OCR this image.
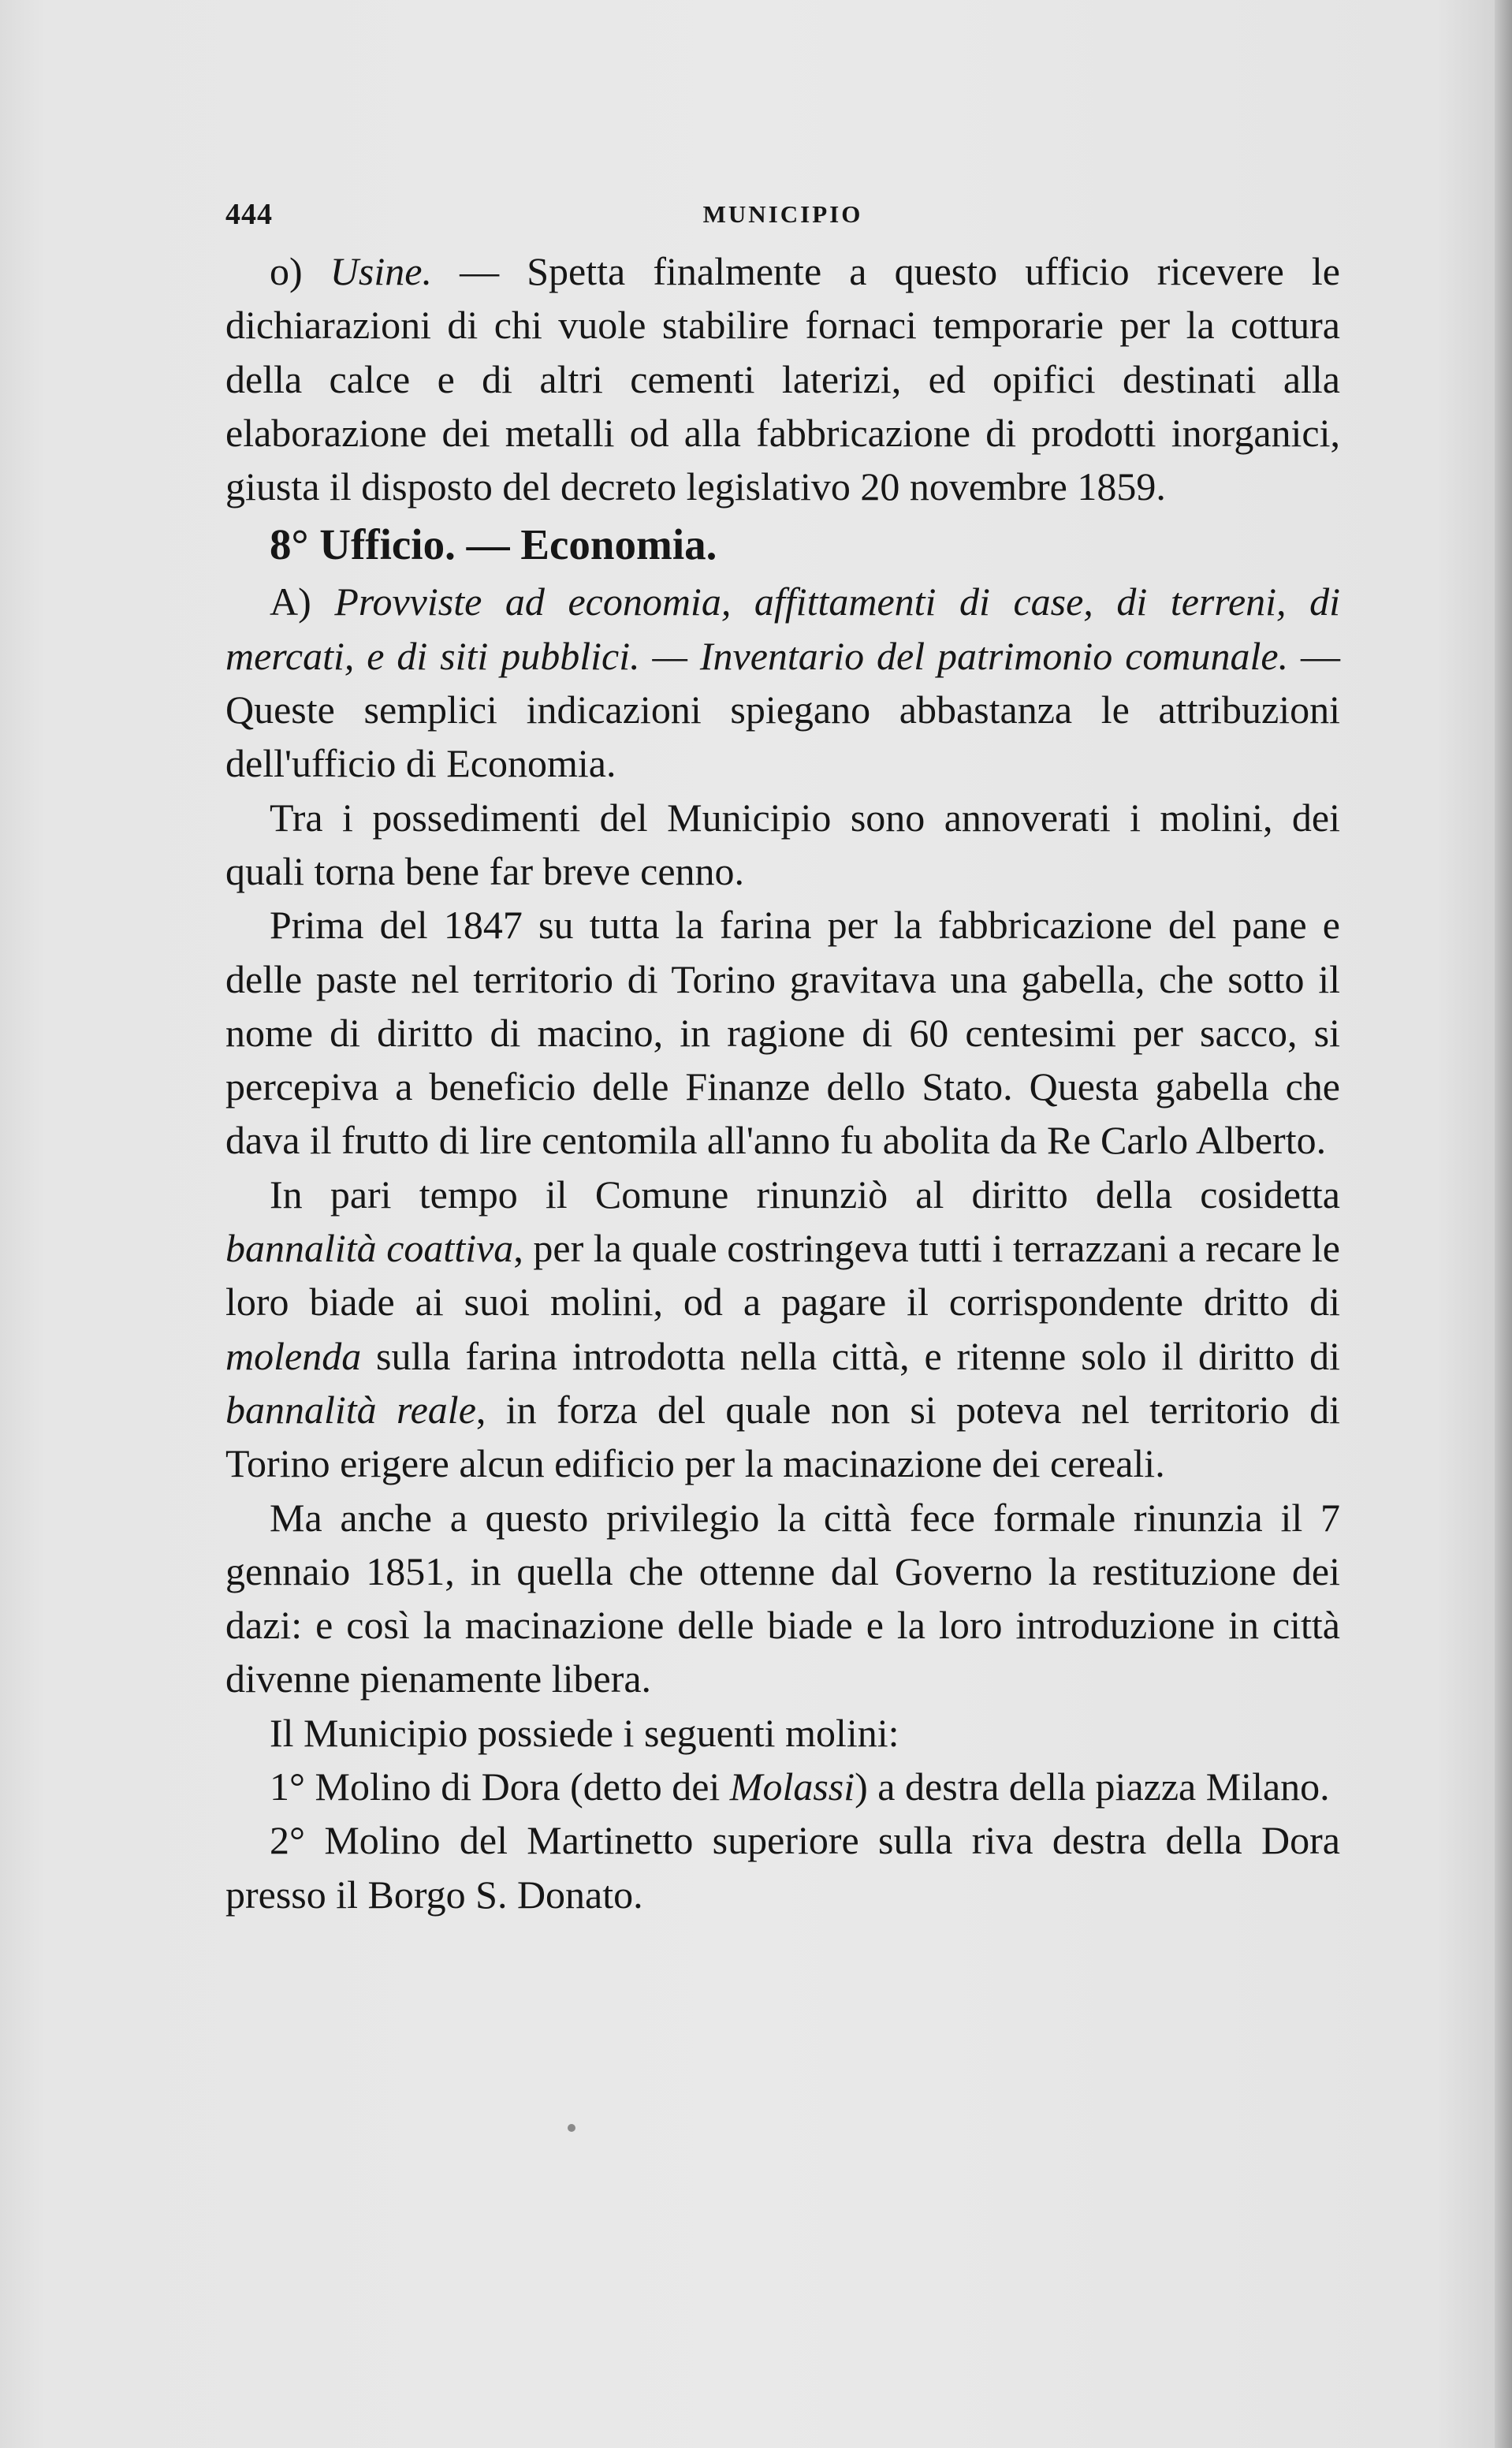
444	MUNICIPIO

o) Usine. — Spetta finalmente a questo ufficio ricevere le dichiarazioni di chi vuole stabilire fornaci temporarie per la cottura della calce e di altri cementi laterizi, ed opifici destinati alla elaborazione dei metalli od alla fabbricazione di prodotti inorganici, giusta il disposto del decreto legislativo 20 novembre 1859.

8° Ufficio. — Economia.

A) Provviste ad economia, affittamenti di case, di terreni, di mercati, e di siti pubblici. — Inventario del patrimonio comunale. — Queste semplici indicazioni spiegano abbastanza le attribuzioni dell'ufficio di Economia.

Tra i possedimenti del Municipio sono annoverati i molini, dei quali torna bene far breve cenno.

Prima del 1847 su tutta la farina per la fabbricazione del pane e delle paste nel territorio di Torino gravitava una gabella, che sotto il nome di diritto di macino, in ragione di 60 centesimi per sacco, si percepiva a beneficio delle Finanze dello Stato. Questa gabella che dava il frutto di lire centomila all'anno fu abolita da Re Carlo Alberto.

In pari tempo il Comune rinunziò al diritto della cosidetta bannalità coattiva, per la quale costringeva tutti i terrazzani a recare le loro biade ai suoi molini, od a pagare il corrispondente dritto di molenda sulla farina introdotta nella città, e ritenne solo il diritto di bannalità reale, in forza del quale non si poteva nel territorio di Torino erigere alcun edificio per la macinazione dei cereali.

Ma anche a questo privilegio la città fece formale rinunzia il 7 gennaio 1851, in quella che ottenne dal Governo la restituzione dei dazi: e così la macinazione delle biade e la loro introduzione in città divenne pienamente libera.

Il Municipio possiede i seguenti molini:

1° Molino di Dora (detto dei Molassi) a destra della piazza Milano.

2° Molino del Martinetto superiore sulla riva destra della Dora presso il Borgo S. Donato.
